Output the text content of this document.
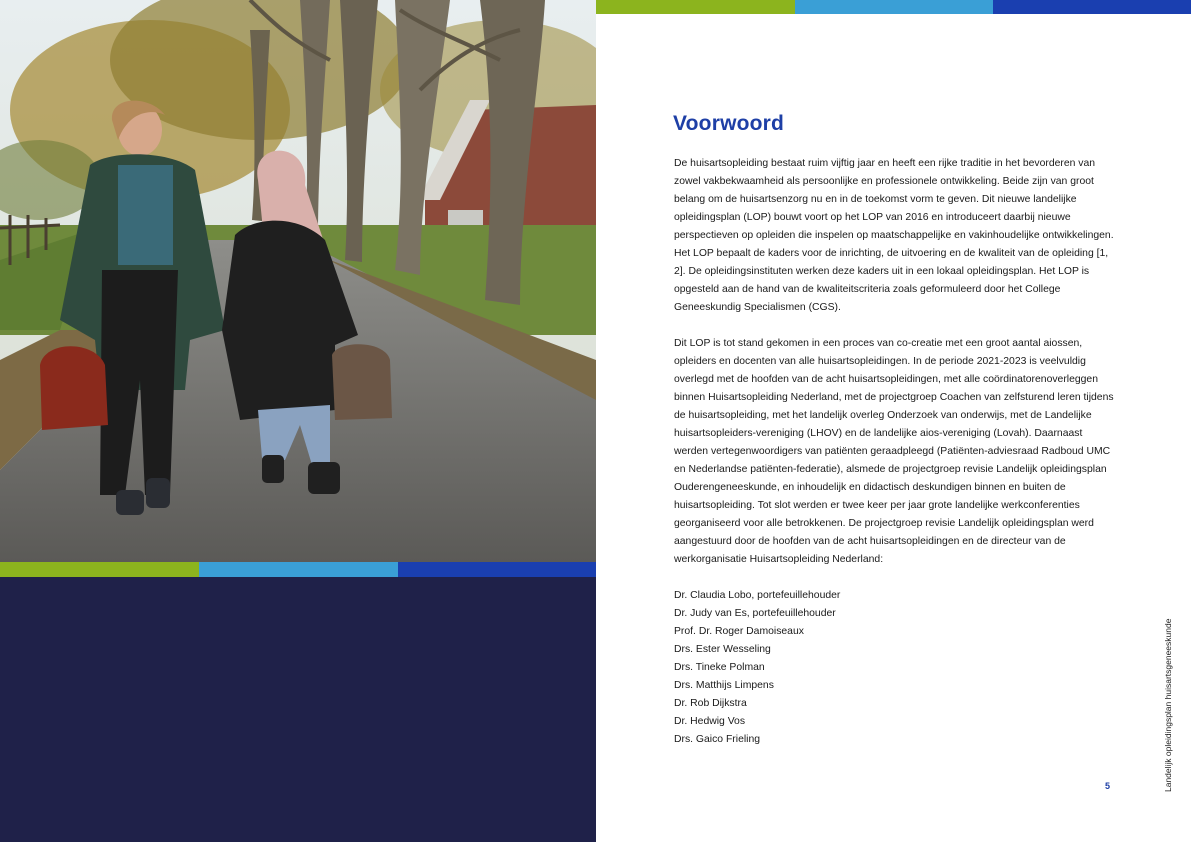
Voorwoord

De huisartsopleiding bestaat ruim vijftig jaar en heeft een rijke traditie in het bevorderen van zowel vakbekwaamheid als persoonlijke en professionele ontwikkeling. Beide zijn van groot belang om de huisartsenzorg nu en in de toekomst vorm te geven. Dit nieuwe landelijke opleidingsplan (LOP) bouwt voort op het LOP van 2016 en introduceert daarbij nieuwe perspectieven op opleiden die inspelen op maatschappelijke en vakinhoudelijke ontwikkelingen. Het LOP bepaalt de kaders voor de inrichting, de uitvoering en de kwaliteit van de opleiding [1, 2]. De opleidingsinstituten werken deze kaders uit in een lokaal opleidingsplan. Het LOP is opgesteld aan de hand van de kwaliteitscriteria zoals geformuleerd door het College Geneeskundig Specialismen (CGS).

Dit LOP is tot stand gekomen in een proces van co-creatie met een groot aantal aiossen, opleiders en docenten van alle huisartsopleidingen. In de periode 2021-2023 is veelvuldig overlegd met de hoofden van de acht huisartsopleidingen, met alle coördinatorenoverleggen binnen Huisartsopleiding Nederland, met de projectgroep Coachen van zelfsturend leren tijdens de huisartsopleiding, met het landelijk overleg Onderzoek van onderwijs, met de Landelijke huisartsopleiders-vereniging (LHOV) en de landelijke aios-vereniging (Lovah). Daarnaast werden vertegenwoordigers van patiënten geraadpleegd (Patiënten-adviesraad Radboud UMC en Nederlandse patiënten-federatie), alsmede de projectgroep revisie Landelijk opleidingsplan Ouderengeneeskunde, en inhoudelijk en didactisch deskundigen binnen en buiten de huisartsopleiding. Tot slot werden er twee keer per jaar grote landelijke werkconferenties georganiseerd voor alle betrokkenen. De projectgroep revisie Landelijk opleidingsplan werd aangestuurd door de hoofden van de acht huisartsopleidingen en de directeur van de werkorganisatie Huisartsopleiding Nederland:

Dr. Claudia Lobo, portefeuillehouder
Dr. Judy van Es, portefeuillehouder
Prof. Dr. Roger Damoiseaux
Drs. Ester Wesseling
Drs. Tineke Polman
Drs. Matthijs Limpens
Dr. Rob Dijkstra
Dr. Hedwig Vos
Drs. Gaico Frieling
5	Landelijk opleidingsplan huisartsgeneeskunde
